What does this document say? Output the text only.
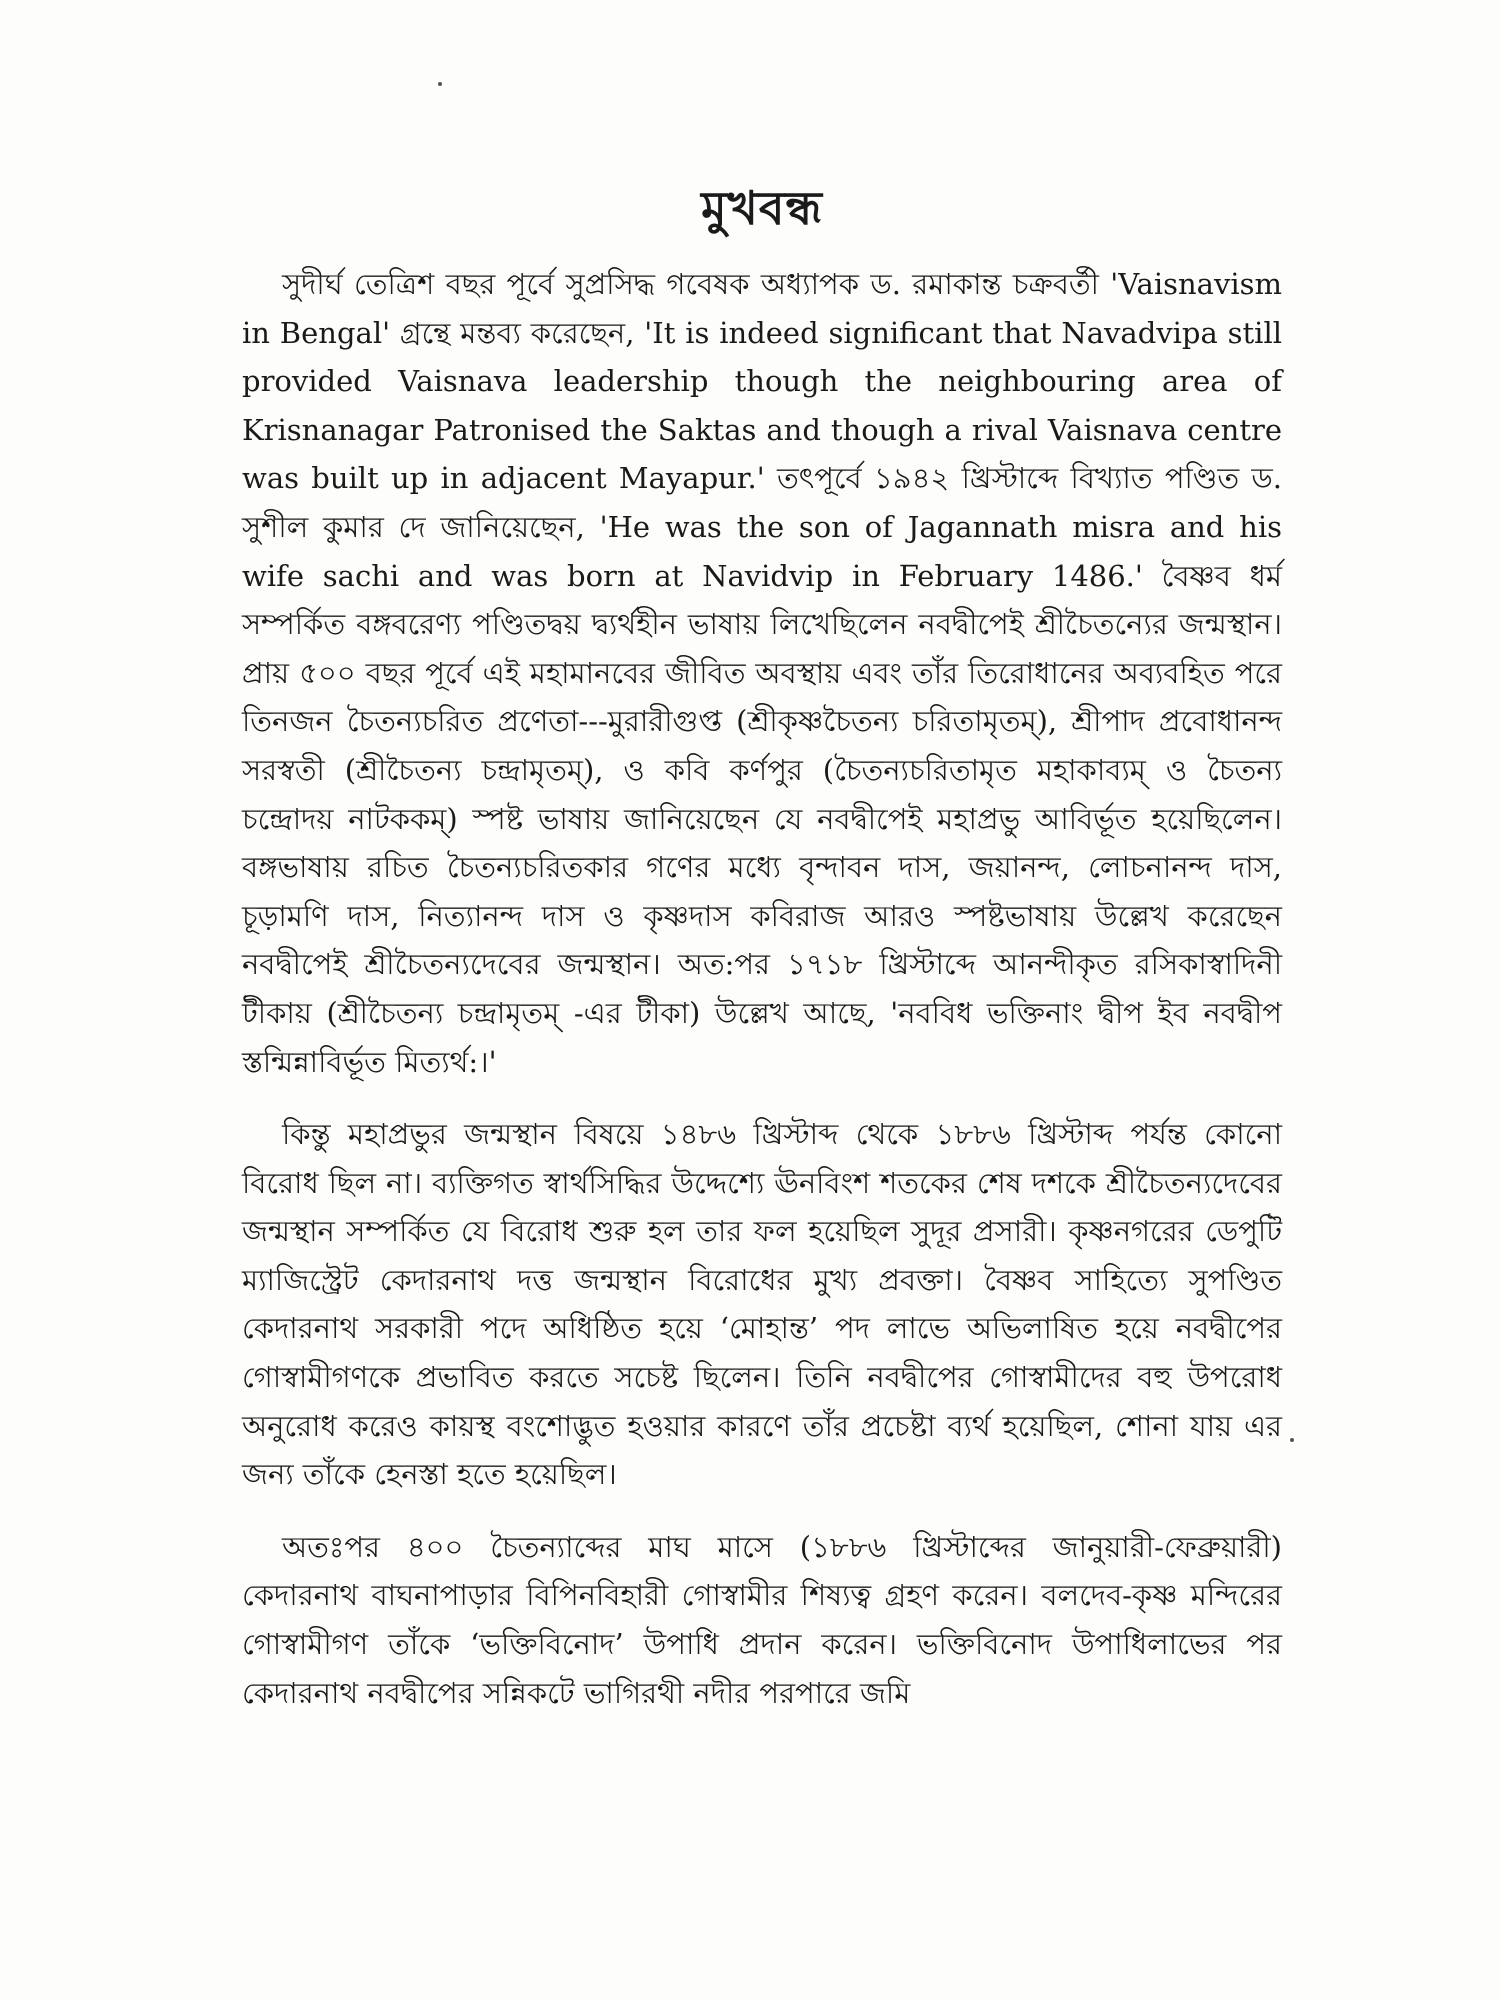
মুখবন্ধ

সুদীর্ঘ তেত্রিশ বছর পূর্বে সুপ্রসিদ্ধ গবেষক অধ্যাপক ড. রমাকান্ত চক্রবর্তী 'Vaisnavism in Bengal' গ্রন্থে মন্তব্য করেছেন, 'It is indeed significant that Navadvipa still provided Vaisnava leadership though the neighbouring area of Krisnanagar Patronised the Saktas and though a rival Vaisnava centre was built up in adjacent Mayapur.' তৎপূর্বে ১৯৪২ খ্রিস্টাব্দে বিখ্যাত পণ্ডিত ড. সুশীল কুমার দে জানিয়েছেন, 'He was the son of Jagannath misra and his wife sachi and was born at Navidvip in February 1486.' বৈষ্ণব ধর্ম সম্পর্কিত বঙ্গবরেণ্য পণ্ডিতদ্বয় দ্ব্যর্থহীন ভাষায় লিখেছিলেন নবদ্বীপেই শ্রীচৈতন্যের জন্মস্থান। প্রায় ৫০০ বছর পূর্বে এই মহামানবের জীবিত অবস্থায় এবং তাঁর তিরোধানের অব্যবহিত পরে তিনজন চৈতন্যচরিত প্রণেতা---মুরারীগুপ্ত (শ্রীকৃষ্ণচৈতন্য চরিতামৃতম্), শ্রীপাদ প্রবোধানন্দ সরস্বতী (শ্রীচৈতন্য চন্দ্রামৃতম্), ও কবি কর্ণপুর (চৈতন্যচরিতামৃত মহাকাব্যম্ ও চৈতন্য চন্দ্রোদয় নাটককম্) স্পষ্ট ভাষায় জানিয়েছেন যে নবদ্বীপেই মহাপ্রভু আবির্ভূত হয়েছিলেন। বঙ্গভাষায় রচিত চৈতন্যচরিতকার গণের মধ্যে বৃন্দাবন দাস, জয়ানন্দ, লোচনানন্দ দাস, চূড়ামণি দাস, নিত্যানন্দ দাস ও কৃষ্ণদাস কবিরাজ আরও স্পষ্টভাষায় উল্লেখ করেছেন নবদ্বীপেই শ্রীচৈতন্যদেবের জন্মস্থান। অত:পর ১৭১৮ খ্রিস্টাব্দে আনন্দীকৃত রসিকাস্বাদিনী টীকায় (শ্রীচৈতন্য চন্দ্রামৃতম্ -এর টীকা) উল্লেখ আছে, 'নববিধ ভক্তিনাং দ্বীপ ইব নবদ্বীপ স্তন্মিন্নাবির্ভূত মিত্যর্থ:।'

কিন্তু মহাপ্রভুর জন্মস্থান বিষয়ে ১৪৮৬ খ্রিস্টাব্দ থেকে ১৮৮৬ খ্রিস্টাব্দ পর্যন্ত কোনো বিরোধ ছিল না। ব্যক্তিগত স্বার্থসিদ্ধির উদ্দেশ্যে ঊনবিংশ শতকের শেষ দশকে শ্রীচৈতন্যদেবের জন্মস্থান সম্পর্কিত যে বিরোধ শুরু হল তার ফল হয়েছিল সুদূর প্রসারী। কৃষ্ণনগরের ডেপুটি ম্যাজিস্ট্রেট কেদারনাথ দত্ত জন্মস্থান বিরোধের মুখ্য প্রবক্তা। বৈষ্ণব সাহিত্যে সুপণ্ডিত কেদারনাথ সরকারী পদে অধিষ্ঠিত হয়ে ‘মোহান্ত’ পদ লাভে অভিলাষিত হয়ে নবদ্বীপের গোস্বামীগণকে প্রভাবিত করতে সচেষ্ট ছিলেন। তিনি নবদ্বীপের গোস্বামীদের বহু উপরোধ অনুরোধ করেও কায়স্থ বংশোদ্ভুত হওয়ার কারণে তাঁর প্রচেষ্টা ব্যর্থ হয়েছিল, শোনা যায় এর জন্য তাঁকে হেনস্তা হতে হয়েছিল।

অতঃপর ৪০০ চৈতন্যাব্দের মাঘ মাসে (১৮৮৬ খ্রিস্টাব্দের জানুয়ারী-ফেব্রুয়ারী) কেদারনাথ বাঘনাপাড়ার বিপিনবিহারী গোস্বামীর শিষ্যত্ব গ্রহণ করেন। বলদেব-কৃষ্ণ মন্দিরের গোস্বামীগণ তাঁকে ‘ভক্তিবিনোদ’ উপাধি প্রদান করেন। ভক্তিবিনোদ উপাধিলাভের পর কেদারনাথ নবদ্বীপের সন্নিকটে ভাগিরথী নদীর পরপারে জমি
